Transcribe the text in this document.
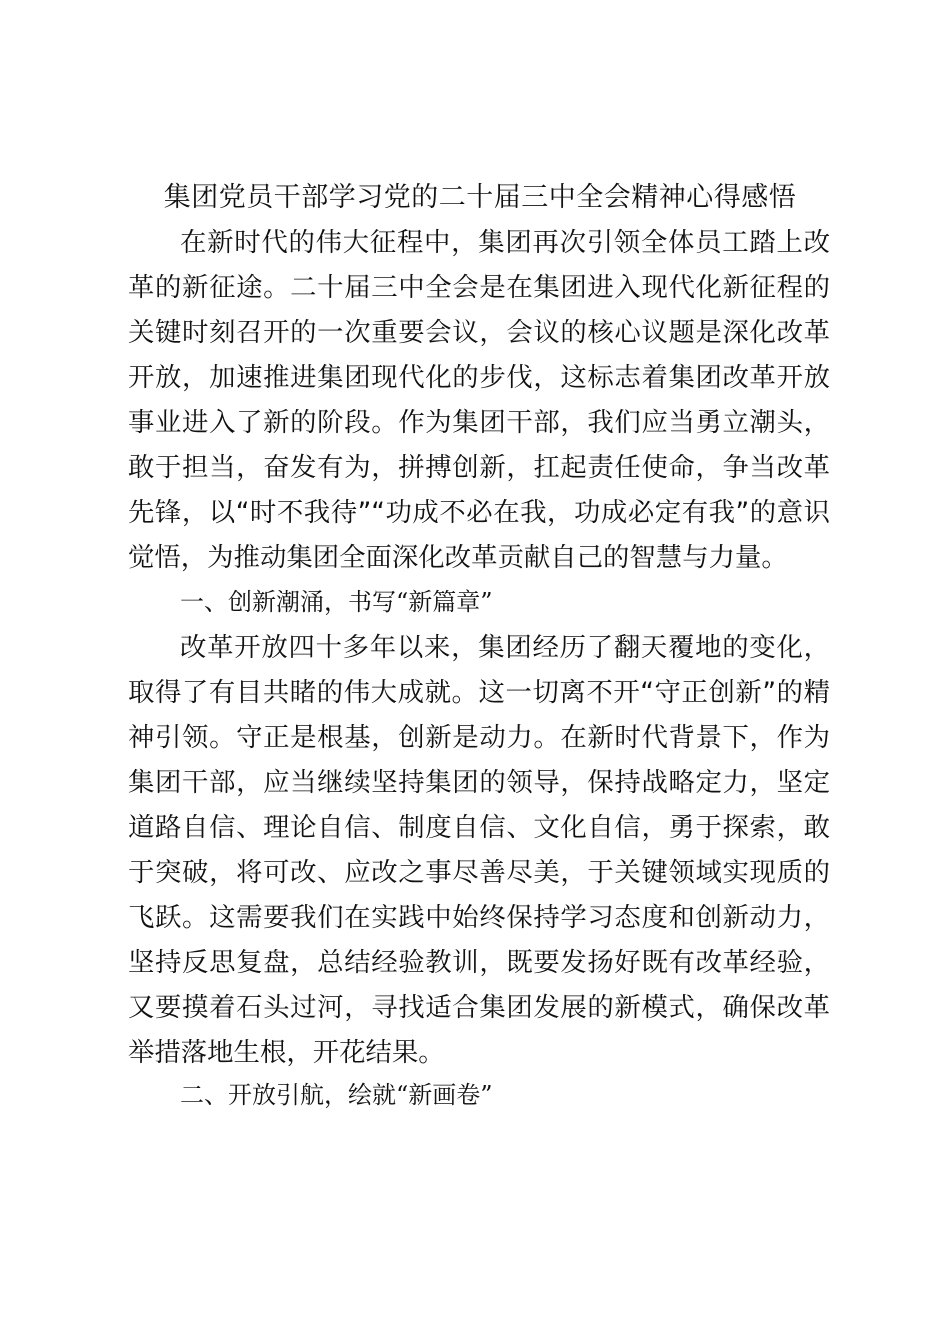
集团党员干部学习党的二十届三中全会精神心得感悟
在新时代的伟大征程中，集团再次引领全体员工踏上改革的新征途。二十届三中全会是在集团进入现代化新征程的关键时刻召开的一次重要会议，会议的核心议题是深化改革开放，加速推进集团现代化的步伐，这标志着集团改革开放事业进入了新的阶段。作为集团干部，我们应当勇立潮头，敢于担当，奋发有为，拼搏创新，扛起责任使命，争当改革先锋，以“时不我待”“功成不必在我，功成必定有我”的意识觉悟，为推动集团全面深化改革贡献自己的智慧与力量。
一、创新潮涌，书写“新篇章”
改革开放四十多年以来，集团经历了翻天覆地的变化，取得了有目共睹的伟大成就。这一切离不开“守正创新”的精神引领。守正是根基，创新是动力。在新时代背景下，作为集团干部，应当继续坚持集团的领导，保持战略定力，坚定道路自信、理论自信、制度自信、文化自信，勇于探索，敢于突破，将可改、应改之事尽善尽美，于关键领域实现质的飞跃。这需要我们在实践中始终保持学习态度和创新动力，坚持反思复盘，总结经验教训，既要发扬好既有改革经验，又要摸着石头过河，寻找适合集团发展的新模式，确保改革举措落地生根，开花结果。
二、开放引航，绘就“新画卷”
